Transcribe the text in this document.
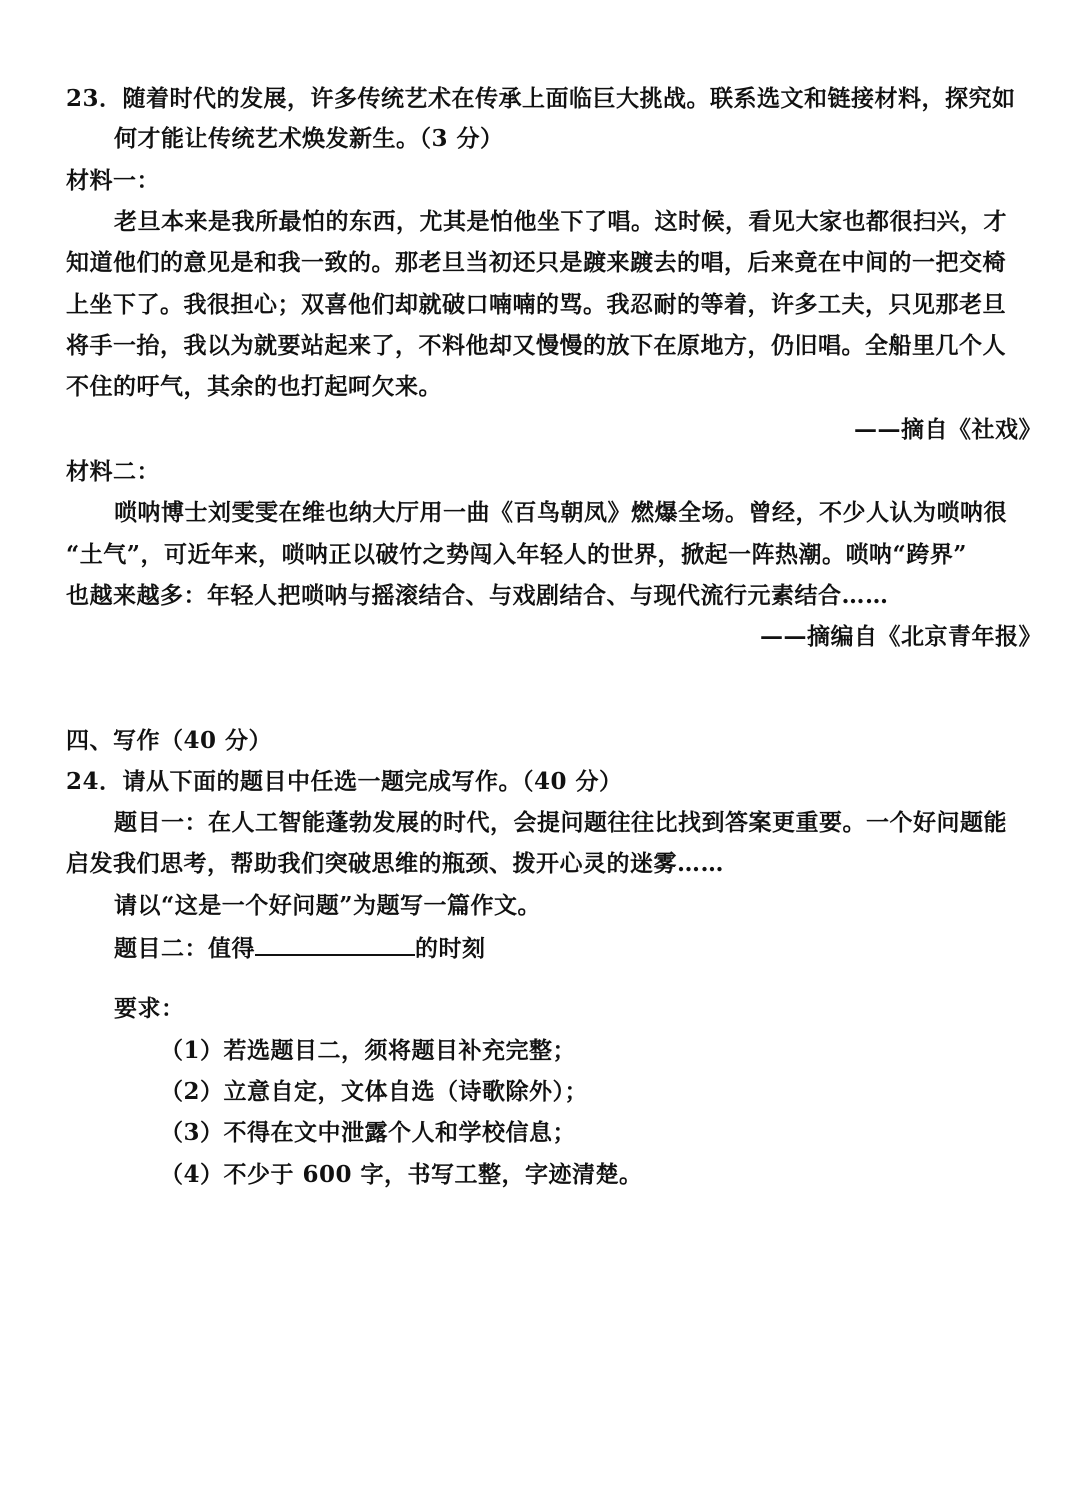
23．随着时代的发展，许多传统艺术在传承上面临巨大挑战。联系选文和链接材料，探究如
何才能让传统艺术焕发新生。（3 分）
材料一：
老旦本来是我所最怕的东西，尤其是怕他坐下了唱。这时候，看见大家也都很扫兴，才
知道他们的意见是和我一致的。那老旦当初还只是踱来踱去的唱，后来竟在中间的一把交椅
上坐下了。我很担心；双喜他们却就破口喃喃的骂。我忍耐的等着，许多工夫，只见那老旦
将手一抬，我以为就要站起来了，不料他却又慢慢的放下在原地方，仍旧唱。全船里几个人
不住的吁气，其余的也打起呵欠来。
——摘自《社戏》
材料二：
唢呐博士刘雯雯在维也纳大厅用一曲《百鸟朝凤》燃爆全场。曾经，不少人认为唢呐很
“土气”，可近年来，唢呐正以破竹之势闯入年轻人的世界，掀起一阵热潮。唢呐“跨界”
也越来越多：年轻人把唢呐与摇滚结合、与戏剧结合、与现代流行元素结合……
——摘编自《北京青年报》
四、写作（40 分）
24．请从下面的题目中任选一题完成写作。（40 分）
题目一：在人工智能蓬勃发展的时代，会提问题往往比找到答案更重要。一个好问题能
启发我们思考，帮助我们突破思维的瓶颈、拨开心灵的迷雾……
请以“这是一个好问题”为题写一篇作文。
题目二：值得	的时刻
要求：
（1）若选题目二，须将题目补充完整；
（2）立意自定，文体自选（诗歌除外）；
（3）不得在文中泄露个人和学校信息；
（4）不少于 600 字，书写工整，字迹清楚。
